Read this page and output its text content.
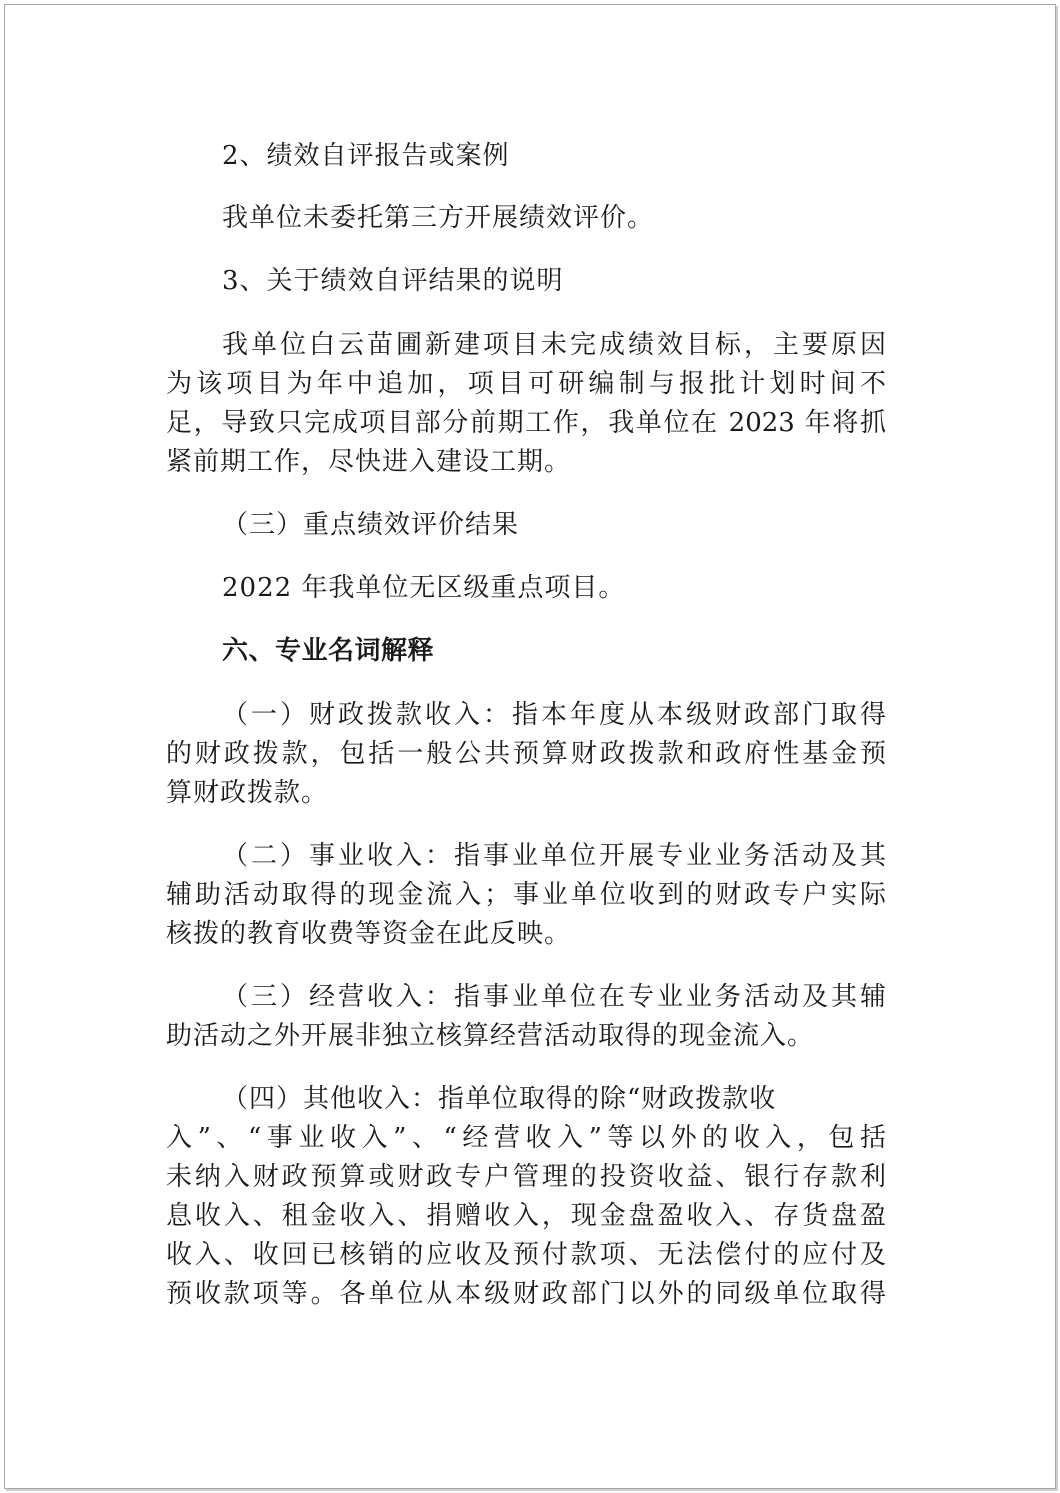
2、绩效自评报告或案例
我单位未委托第三方开展绩效评价。
3、关于绩效自评结果的说明
我单位白云苗圃新建项目未完成绩效目标，主要原因
为该项目为年中追加，项目可研编制与报批计划时间不
足，导致只完成项目部分前期工作，我单位在 2023 年将抓
紧前期工作，尽快进入建设工期。
（三）重点绩效评价结果
2022 年我单位无区级重点项目。
六、专业名词解释
（一）财政拨款收入：指本年度从本级财政部门取得
的财政拨款，包括一般公共预算财政拨款和政府性基金预
算财政拨款。
（二）事业收入：指事业单位开展专业业务活动及其
辅助活动取得的现金流入；事业单位收到的财政专户实际
核拨的教育收费等资金在此反映。
（三）经营收入：指事业单位在专业业务活动及其辅
助活动之外开展非独立核算经营活动取得的现金流入。
（四）其他收入：指单位取得的除“财政拨款收
入”、“事业收入”、“经营收入”等以外的收入，包括
未纳入财政预算或财政专户管理的投资收益、银行存款利
息收入、租金收入、捐赠收入，现金盘盈收入、存货盘盈
收入、收回已核销的应收及预付款项、无法偿付的应付及
预收款项等。各单位从本级财政部门以外的同级单位取得
